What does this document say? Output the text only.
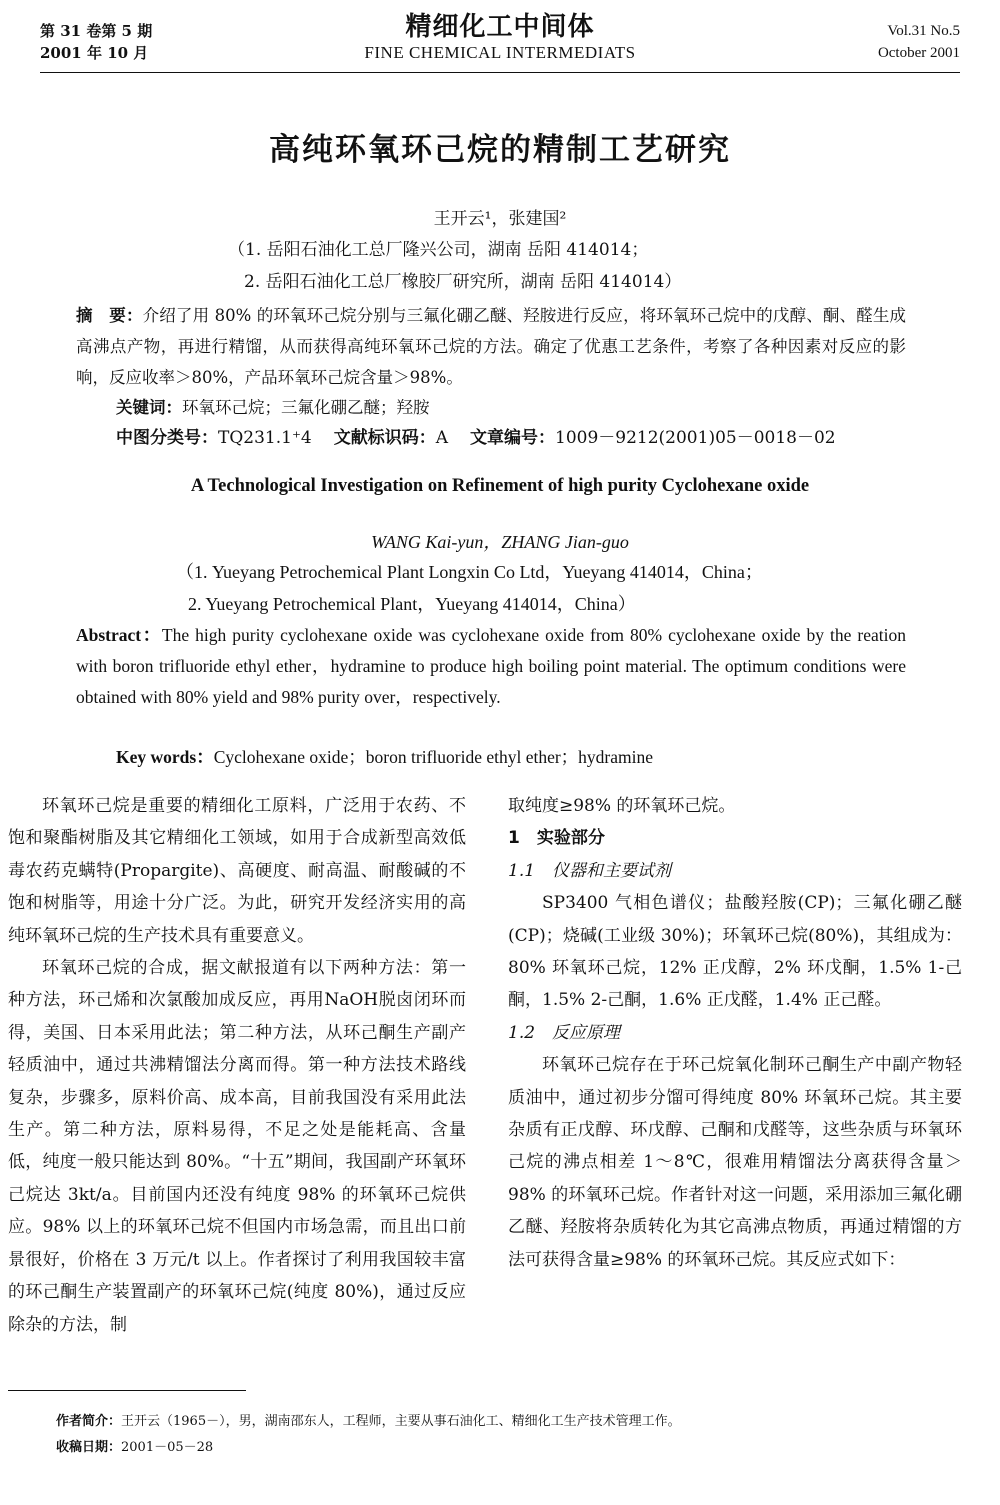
第 31 卷第 5 期
2001 年 10 月
精细化工中间体
FINE CHEMICAL INTERMEDIATS
Vol.31 No.5
October 2001
高纯环氧环己烷的精制工艺研究
王开云¹，张建国²
（1. 岳阳石油化工总厂隆兴公司，湖南 岳阳 414014；
2. 岳阳石油化工总厂橡胶厂研究所，湖南 岳阳 414014）
摘　要：介绍了用 80% 的环氧环己烷分别与三氟化硼乙醚、羟胺进行反应，将环氧环己烷中的戊醇、酮、醛生成高沸点产物，再进行精馏，从而获得高纯环氧环己烷的方法。确定了优惠工艺条件，考察了各种因素对反应的影响，反应收率＞80%，产品环氧环己烷含量＞98%。
关键词：环氧环己烷；三氟化硼乙醚；羟胺
中图分类号：TQ231.1⁺4 文献标识码：A 文章编号：1009－9212(2001)05－0018－02
A Technological Investigation on Refinement of high purity Cyclohexane oxide
WANG Kai-yun，ZHANG Jian-guo
（1. Yueyang Petrochemical Plant Longxin Co Ltd，Yueyang 414014，China；
2. Yueyang Petrochemical Plant，Yueyang 414014，China）
Abstract：The high purity cyclohexane oxide was cyclohexane oxide from 80% cyclohexane oxide by the reation with boron trifluoride ethyl ether，hydramine to produce high boiling point material. The optimum conditions were obtained with 80% yield and 98% purity over，respectively.
Key words：Cyclohexane oxide；boron trifluoride ethyl ether；hydramine

环氧环己烷是重要的精细化工原料，广泛用于农药、不饱和聚酯树脂及其它精细化工领域，如用于合成新型高效低毒农药克螨特(Propargite)、高硬度、耐高温、耐酸碱的不饱和树脂等，用途十分广泛。为此，研究开发经济实用的高纯环氧环己烷的生产技术具有重要意义。

环氧环己烷的合成，据文献报道有以下两种方法：第一种方法，环己烯和次氯酸加成反应，再用NaOH脱卤闭环而得，美国、日本采用此法；第二种方法，从环己酮生产副产轻质油中，通过共沸精馏法分离而得。第一种方法技术路线复杂，步骤多，原料价高、成本高，目前我国没有采用此法生产。第二种方法，原料易得，不足之处是能耗高、含量低，纯度一般只能达到 80%。“十五”期间，我国副产环氧环己烷达 3kt/a。目前国内还没有纯度 98% 的环氧环己烷供应。98% 以上的环氧环己烷不但国内市场急需，而且出口前景很好，价格在 3 万元/t 以上。作者探讨了利用我国较丰富的环己酮生产装置副产的环氧环己烷(纯度 80%)，通过反应除杂的方法，制

取纯度≥98% 的环氧环己烷。

1　实验部分

1.1　仪器和主要试剂

SP3400 气相色谱仪；盐酸羟胺(CP)；三氟化硼乙醚(CP)；烧碱(工业级 30%)；环氧环己烷(80%)，其组成为：80% 环氧环己烷，12% 正戊醇，2% 环戊酮，1.5% 1-己酮，1.5% 2-己酮，1.6% 正戊醛，1.4% 正己醛。

1.2　反应原理

环氧环己烷存在于环己烷氧化制环己酮生产中副产物轻质油中，通过初步分馏可得纯度 80% 环氧环己烷。其主要杂质有正戊醇、环戊醇、己酮和戊醛等，这些杂质与环氧环己烷的沸点相差 1～8℃，很难用精馏法分离获得含量＞98% 的环氧环己烷。作者针对这一问题，采用添加三氟化硼乙醚、羟胺将杂质转化为其它高沸点物质，再通过精馏的方法可获得含量≥98% 的环氧环己烷。其反应式如下：

作者简介：王开云（1965－），男，湖南邵东人，工程师，主要从事石油化工、精细化工生产技术管理工作。
收稿日期：2001－05－28
